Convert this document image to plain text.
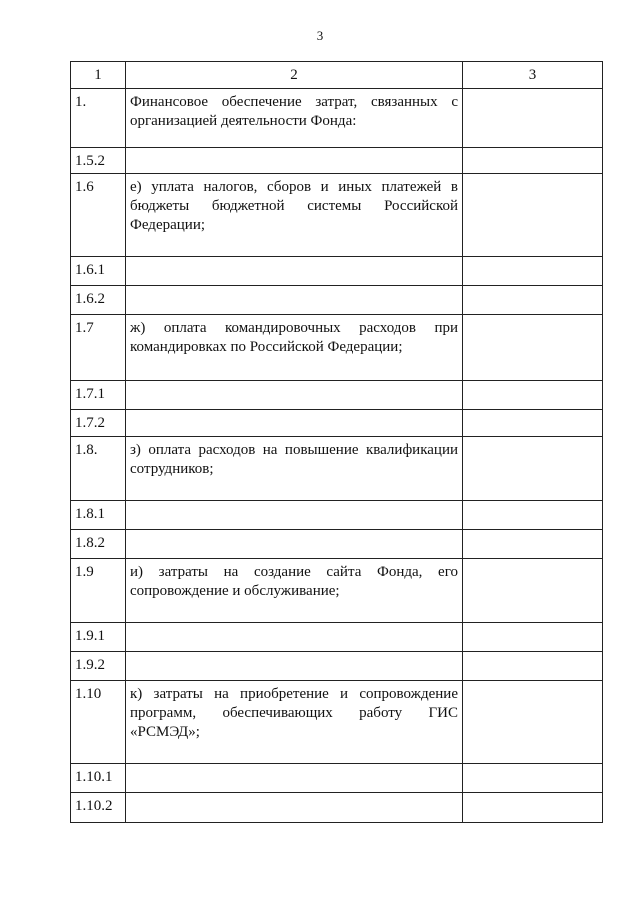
3
1	2	3
1.	Финансовое обеспечение затрат, связанных с организацией деятельности Фонда:	
1.5.2		
1.6	е) уплата налогов, сборов и иных платежей в бюджеты бюджетной системы Российской Федерации;	
1.6.1		
1.6.2		
1.7	ж) оплата командировочных расходов при командировках по Российской Федерации;	
1.7.1		
1.7.2		
1.8.	з) оплата расходов на повышение квалификации сотрудников;	
1.8.1		
1.8.2		
1.9	и) затраты на создание сайта Фонда, его сопровождение и обслуживание;	
1.9.1		
1.9.2		
1.10	к) затраты на приобретение и сопровождение программ, обеспечивающих работу ГИС «РСМЭД»;	
1.10.1		
1.10.2		
